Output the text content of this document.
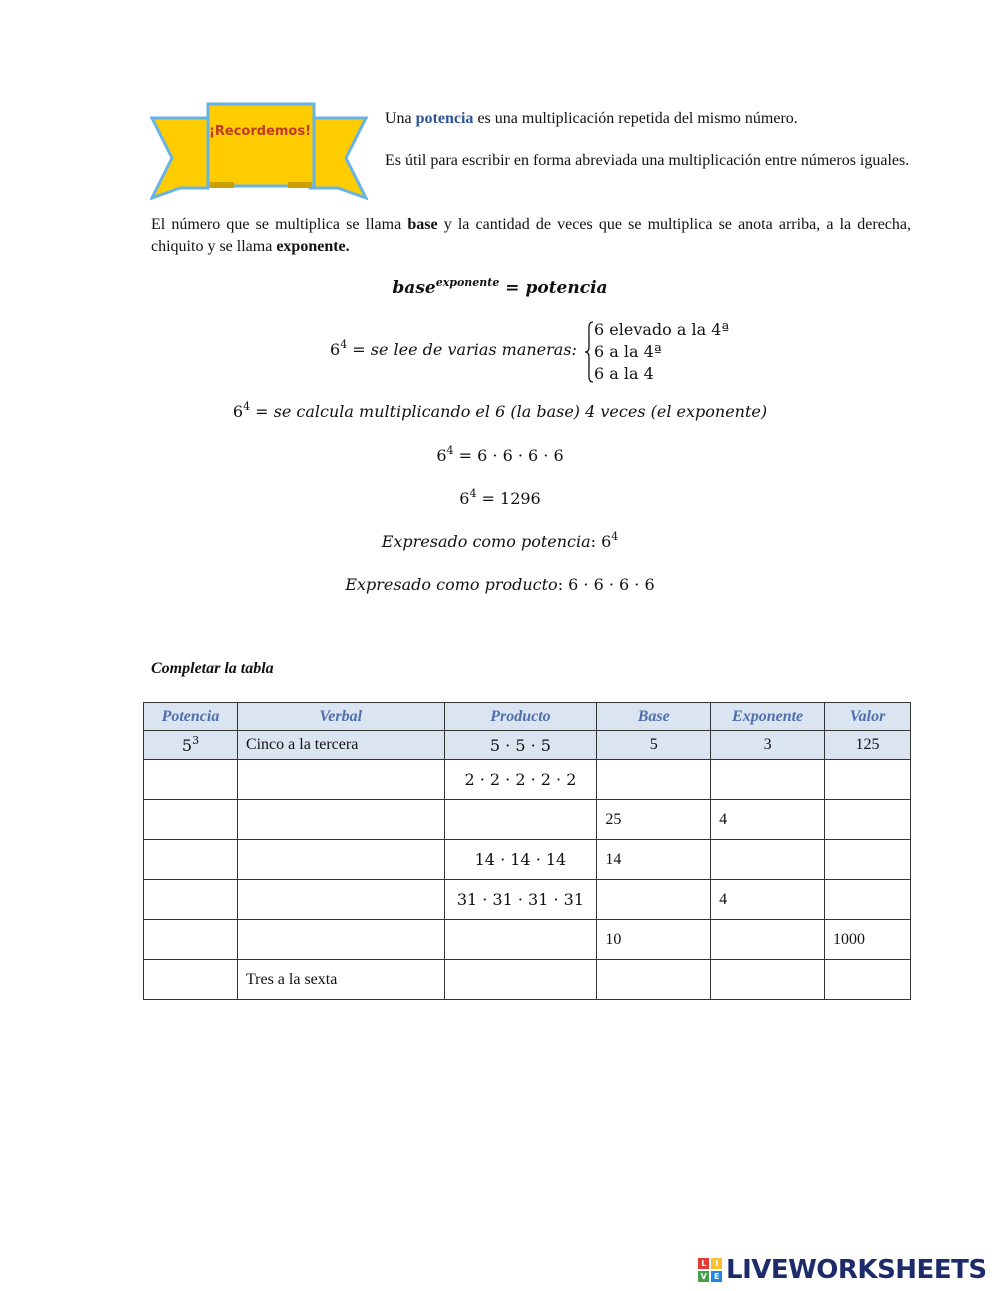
¡Recordemos!
Una potencia es una multiplicación repetida del mismo número.
Es útil para escribir en forma abreviada una multiplicación entre números iguales.
El número que se multiplica se llama base y la cantidad de veces que se multiplica se anota arriba, a la derecha, chiquito y se llama exponente.
base$^{exponente}$ = potencia
$6^4$ = se lee de varias maneras:
6 elevado a la 4ª
6 a la 4ª
6 a la 4
$6^4$ = se calcula multiplicando el 6 (la base) 4 veces (el exponente)
$6^4 = 6 \cdot 6 \cdot 6 \cdot 6$
$6^4 = 1296$
Expresado como potencia: $6^4$
Expresado como producto: 6 · 6 · 6 · 6
Completar la tabla
Potencia	Verbal	Producto	Base	Exponente	Valor
$5^3$	Cinco a la tercera	5 · 5 · 5	5	3	125
		2 · 2 · 2 · 2 · 2			
			25	4	
		14 · 14 · 14	14		
		31 · 31 · 31 · 31		4	
			10		1000
	Tres a la sexta				
L	I
V E LIVEWORKSHEETS
